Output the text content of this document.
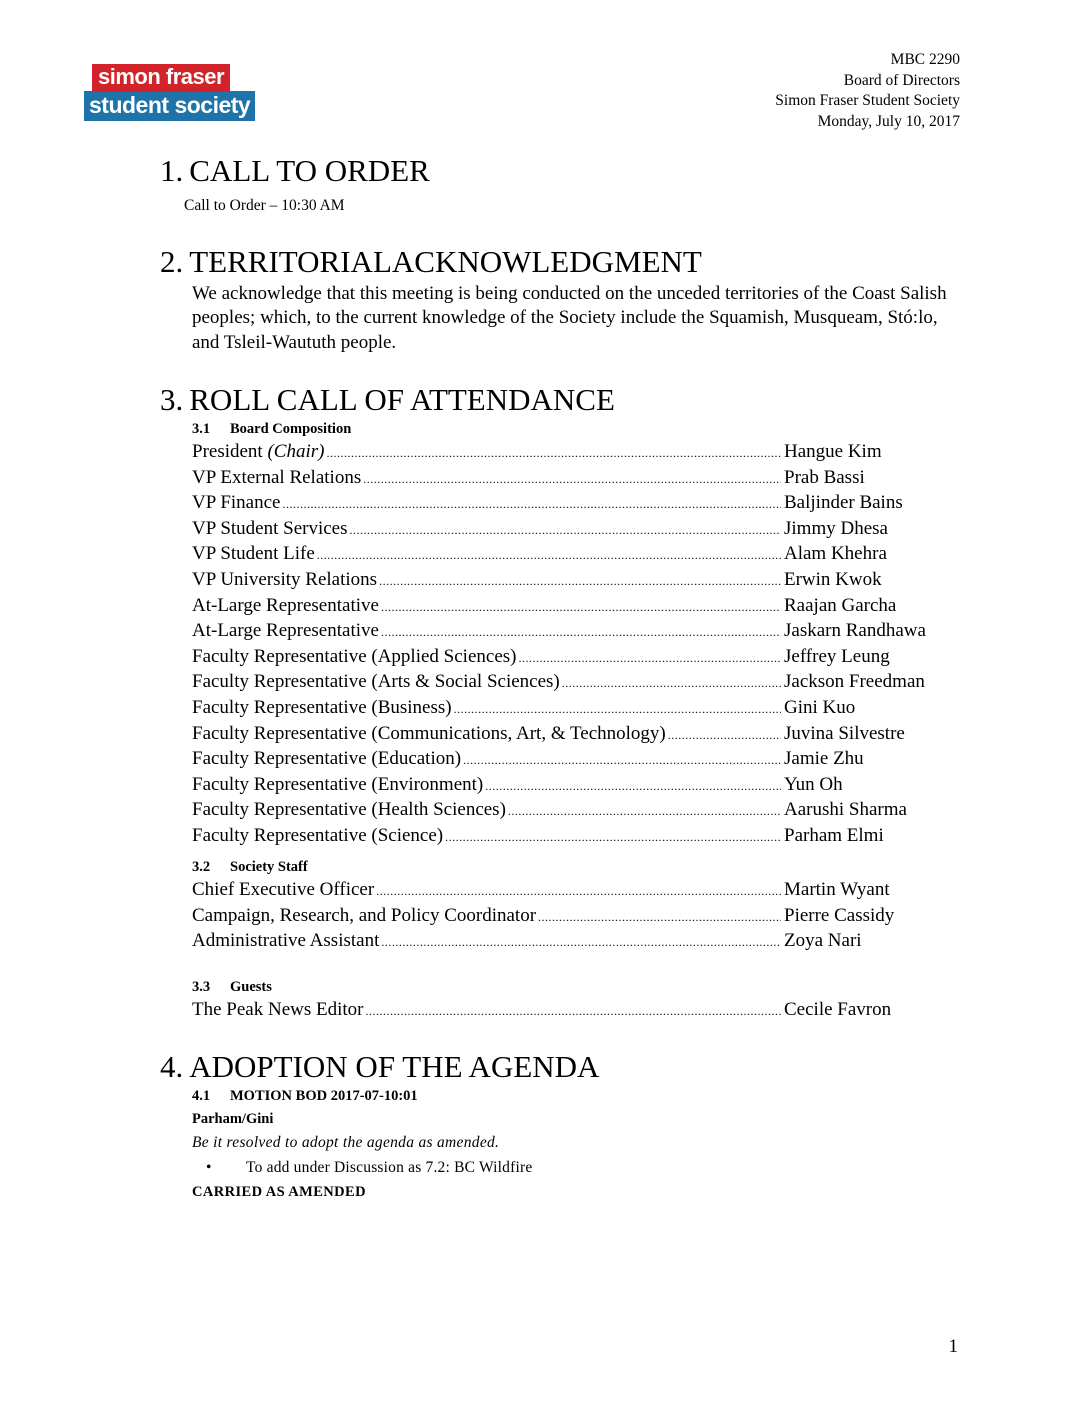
simon fraser
student society
MBC 2290
Board of Directors
Simon Fraser Student Society
Monday, July 10, 2017
1. CALL TO ORDER
Call to Order – 10:30 AM
2. TERRITORIALACKNOWLEDGMENT
We acknowledge that this meeting is being conducted on the unceded territories of the Coast Salish peoples; which, to the current knowledge of the Society include the Squamish, Musqueam, Stó:lo, and Tsleil-Waututh people.
3. ROLL CALL OF ATTENDANCE
3.1 Board Composition
President (Chair) .....	Hangue Kim
VP External Relations .....	Prab Bassi
VP Finance .....	Baljinder Bains
VP Student Services .....	Jimmy Dhesa
VP Student Life .....	Alam Khehra
VP University Relations .....	Erwin Kwok
At-Large Representative .....	Raajan Garcha
At-Large Representative .....	Jaskarn Randhawa
Faculty Representative (Applied Sciences) .....	Jeffrey Leung
Faculty Representative (Arts & Social Sciences) .....	Jackson Freedman
Faculty Representative (Business) .....	Gini Kuo
Faculty Representative (Communications, Art, & Technology) .....	Juvina Silvestre
Faculty Representative (Education) .....	Jamie Zhu
Faculty Representative (Environment) .....	Yun Oh
Faculty Representative (Health Sciences) .....	Aarushi Sharma
Faculty Representative (Science) .....	Parham Elmi
3.2 Society Staff
Chief Executive Officer .....	Martin Wyant
Campaign, Research, and Policy Coordinator .....	Pierre Cassidy
Administrative Assistant .....	Zoya Nari
3.3 Guests
The Peak News Editor .....	Cecile Favron
4. ADOPTION OF THE AGENDA
4.1 MOTION BOD 2017-07-10:01
Parham/Gini
Be it resolved to adopt the agenda as amended.
• To add under Discussion as 7.2: BC Wildfire
CARRIED AS AMENDED
1
